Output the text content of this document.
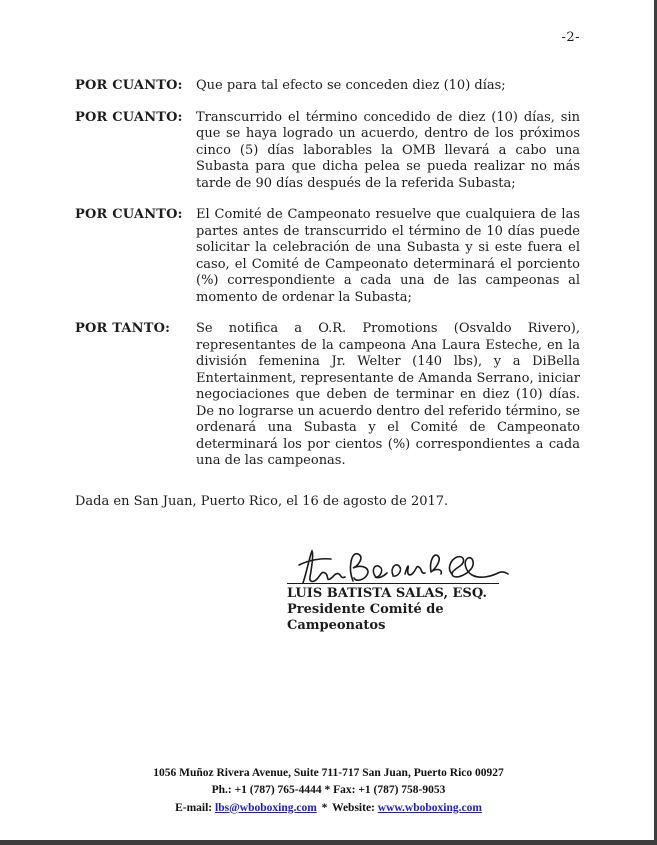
-2-
POR CUANTO:	Que para tal efecto se conceden diez (10) días;
POR CUANTO:	Transcurrido el término concedido de diez (10) días, sin que se haya logrado un acuerdo, dentro de los próximos cinco (5) días laborables la OMB llevará a cabo una Subasta para que dicha pelea se pueda realizar no más tarde de 90 días después de la referida Subasta;
POR CUANTO:	El Comité de Campeonato resuelve que cualquiera de las partes antes de transcurrido el término de 10 días puede solicitar la celebración de una Subasta y si este fuera el caso, el Comité de Campeonato determinará el porciento (%) correspondiente a cada una de las campeonas al momento de ordenar la Subasta;
POR TANTO:	Se notifica a O.R. Promotions (Osvaldo Rivero), representantes de la campeona Ana Laura Esteche, en la división femenina Jr. Welter (140 lbs), y a DiBella Entertainment, representante de Amanda Serrano, iniciar negociaciones que deben de terminar en diez (10) días. De no lograrse un acuerdo dentro del referido término, se ordenará una Subasta y el Comité de Campeonato determinará los por cientos (%) correspondientes a cada una de las campeonas.
Dada en San Juan, Puerto Rico, el 16 de agosto de 2017.
LUIS BATISTA SALAS, ESQ.
Presidente Comité de Campeonatos
1056 Muñoz Rivera Avenue, Suite 711-717 San Juan, Puerto Rico 00927
Ph.: +1 (787) 765-4444 * Fax: +1 (787) 758-9053
E-mail: lbs@wboboxing.com * Website: www.wboboxing.com
